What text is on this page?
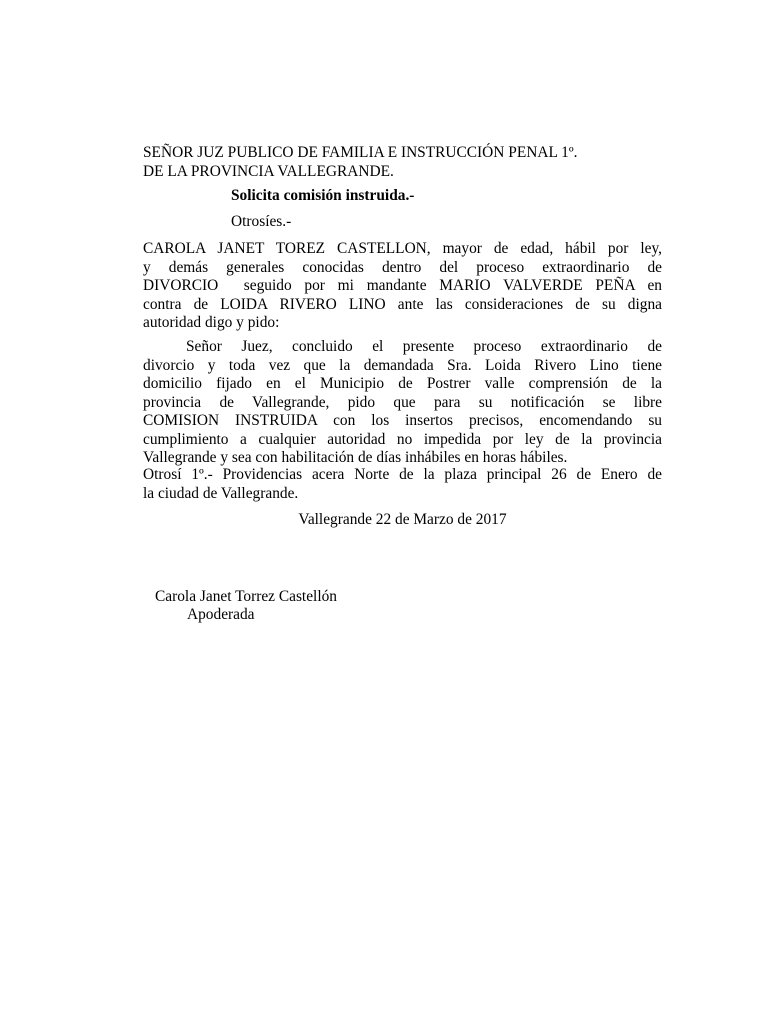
SEÑOR JUZ PUBLICO DE FAMILIA E INSTRUCCIÓN PENAL 1º.
DE LA PROVINCIA VALLEGRANDE.
Solicita comisión instruida.-
Otrosíes.-
CAROLA JANET TOREZ CASTELLON, mayor de edad, hábil por ley,
y demás generales conocidas dentro del proceso extraordinario de
DIVORCIO  seguido por mi mandante MARIO VALVERDE PEÑA en
contra de LOIDA RIVERO LINO ante las consideraciones de su digna
autoridad digo y pido:
Señor Juez, concluido el presente proceso extraordinario de
divorcio y toda vez que la demandada Sra. Loida Rivero Lino tiene
domicilio fijado en el Municipio de Postrer valle comprensión de la
provincia de Vallegrande, pido que para su notificación se libre
COMISION INSTRUIDA con los insertos precisos, encomendando su
cumplimiento a cualquier autoridad no impedida por ley de la provincia
Vallegrande y sea con habilitación de días inhábiles en horas hábiles.
Otrosí 1º.- Providencias acera Norte de la plaza principal 26 de Enero de
la ciudad de Vallegrande.
Vallegrande 22 de Marzo de 2017
Carola Janet Torrez Castellón
Apoderada
